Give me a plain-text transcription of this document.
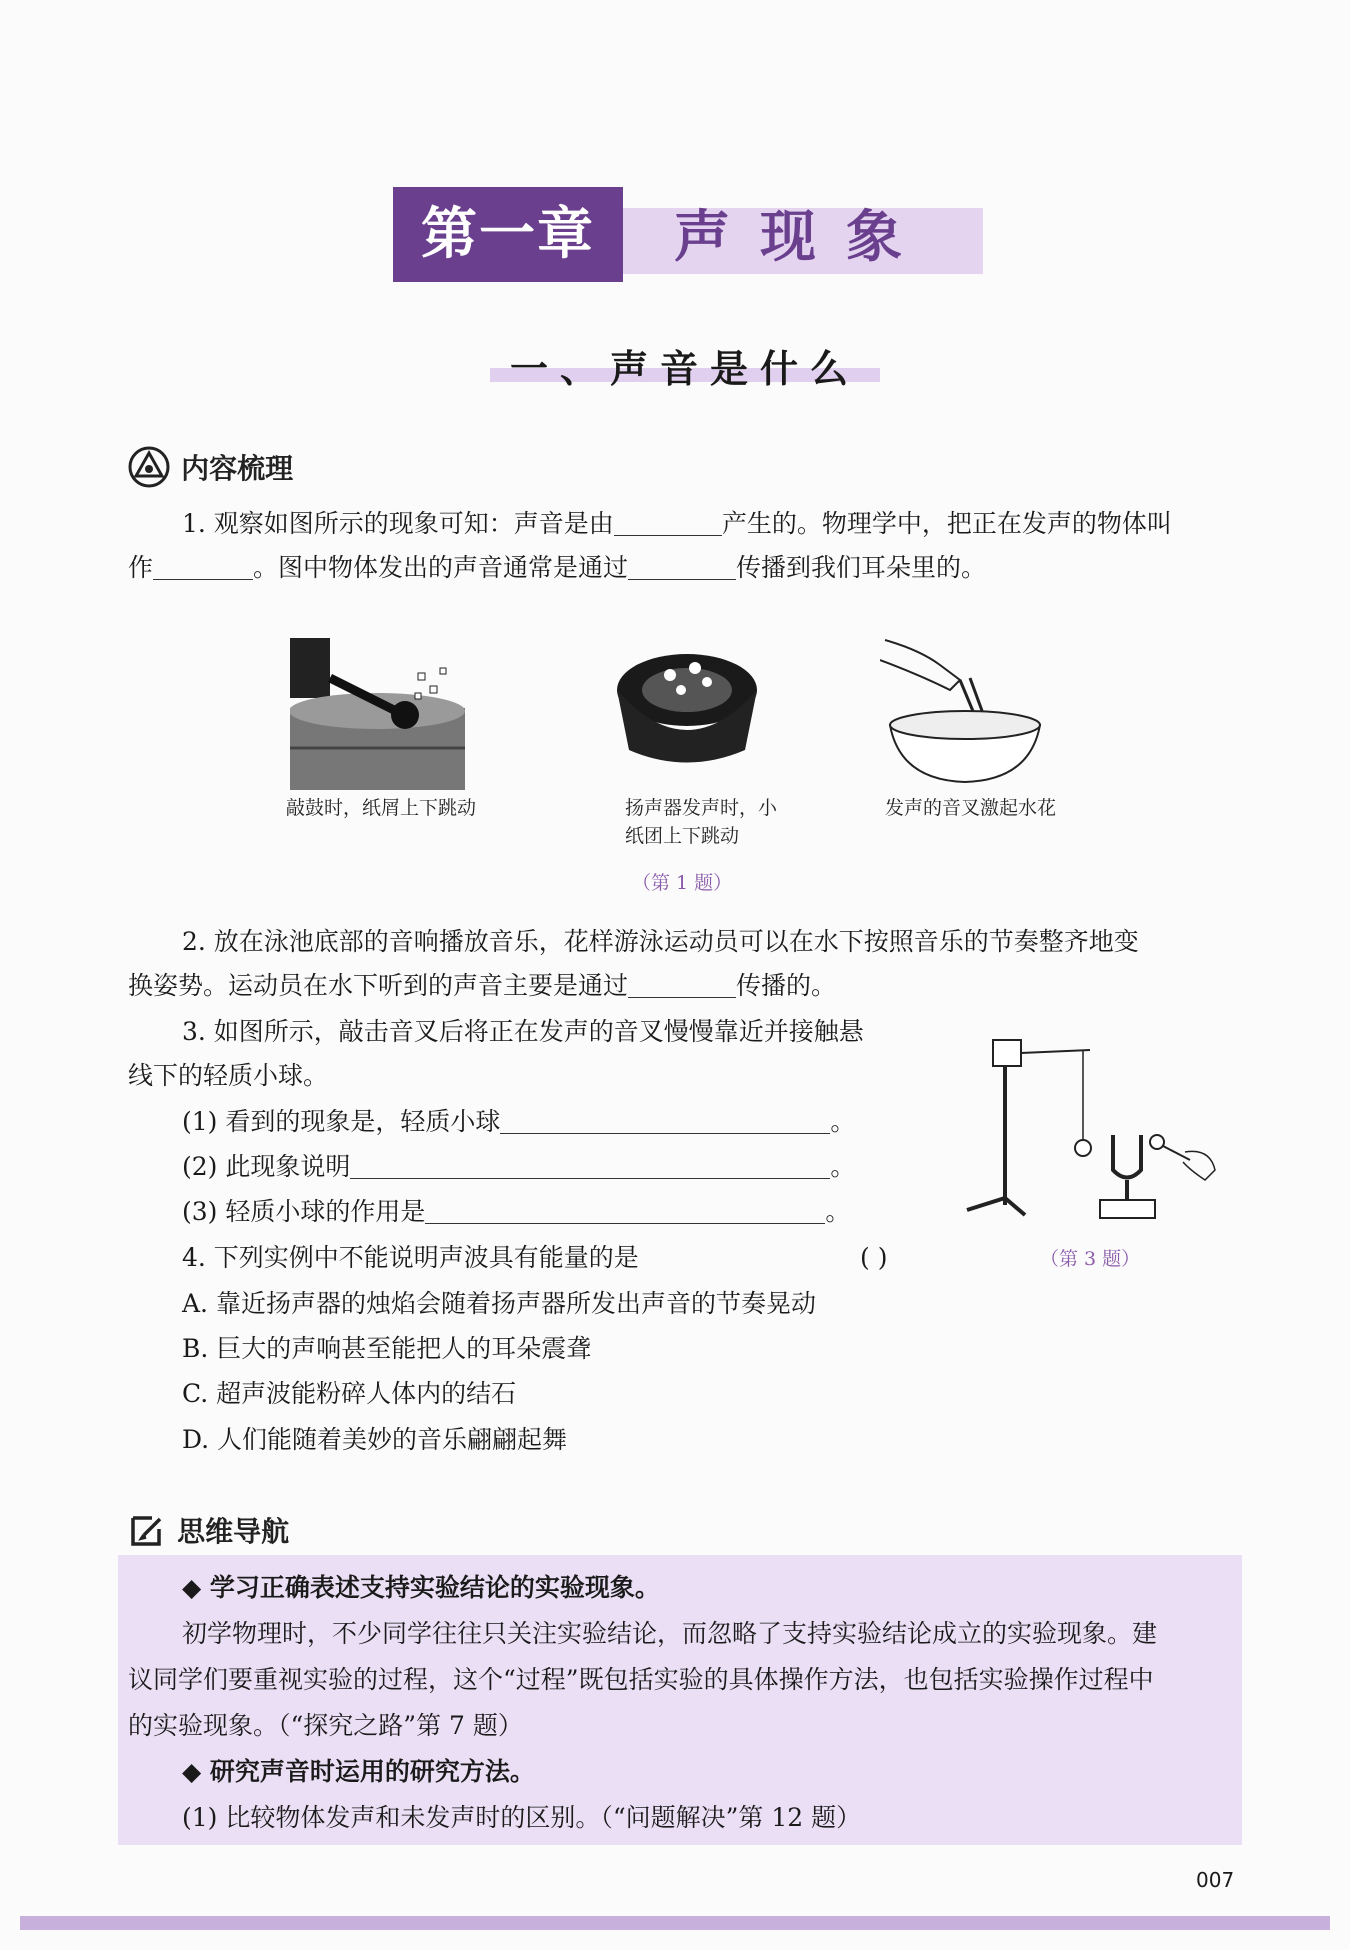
第一章	声现象
一、声音是什么
内容梳理
1. 观察如图所示的现象可知：声音是由	产生的。物理学中，把正在发声的物体叫
作	。图中物体发出的声音通常是通过	传播到我们耳朵里的。
敲鼓时，纸屑上下跳动	扬声器发声时，小
纸团上下跳动
发声的音叉激起水花
（第 1 题）
2. 放在泳池底部的音响播放音乐，花样游泳运动员可以在水下按照音乐的节奏整齐地变
换姿势。运动员在水下听到的声音主要是通过	传播的。
3. 如图所示，敲击音叉后将正在发声的音叉慢慢靠近并接触悬
线下的轻质小球。
(1) 看到的现象是，轻质小球	。
(2) 此现象说明	。
(3) 轻质小球的作用是	。
（第 3 题）
4. 下列实例中不能说明声波具有能量的是	( )
A. 靠近扬声器的烛焰会随着扬声器所发出声音的节奏晃动
B. 巨大的声响甚至能把人的耳朵震聋
C. 超声波能粉碎人体内的结石
D. 人们能随着美妙的音乐翩翩起舞
思维导航
◆ 学习正确表述支持实验结论的实验现象。
初学物理时，不少同学往往只关注实验结论，而忽略了支持实验结论成立的实验现象。建
议同学们要重视实验的过程，这个“过程”既包括实验的具体操作方法，也包括实验操作过程中
的实验现象。（“探究之路”第 7 题）
◆ 研究声音时运用的研究方法。
(1) 比较物体发声和未发声时的区别。（“问题解决”第 12 题）
007
